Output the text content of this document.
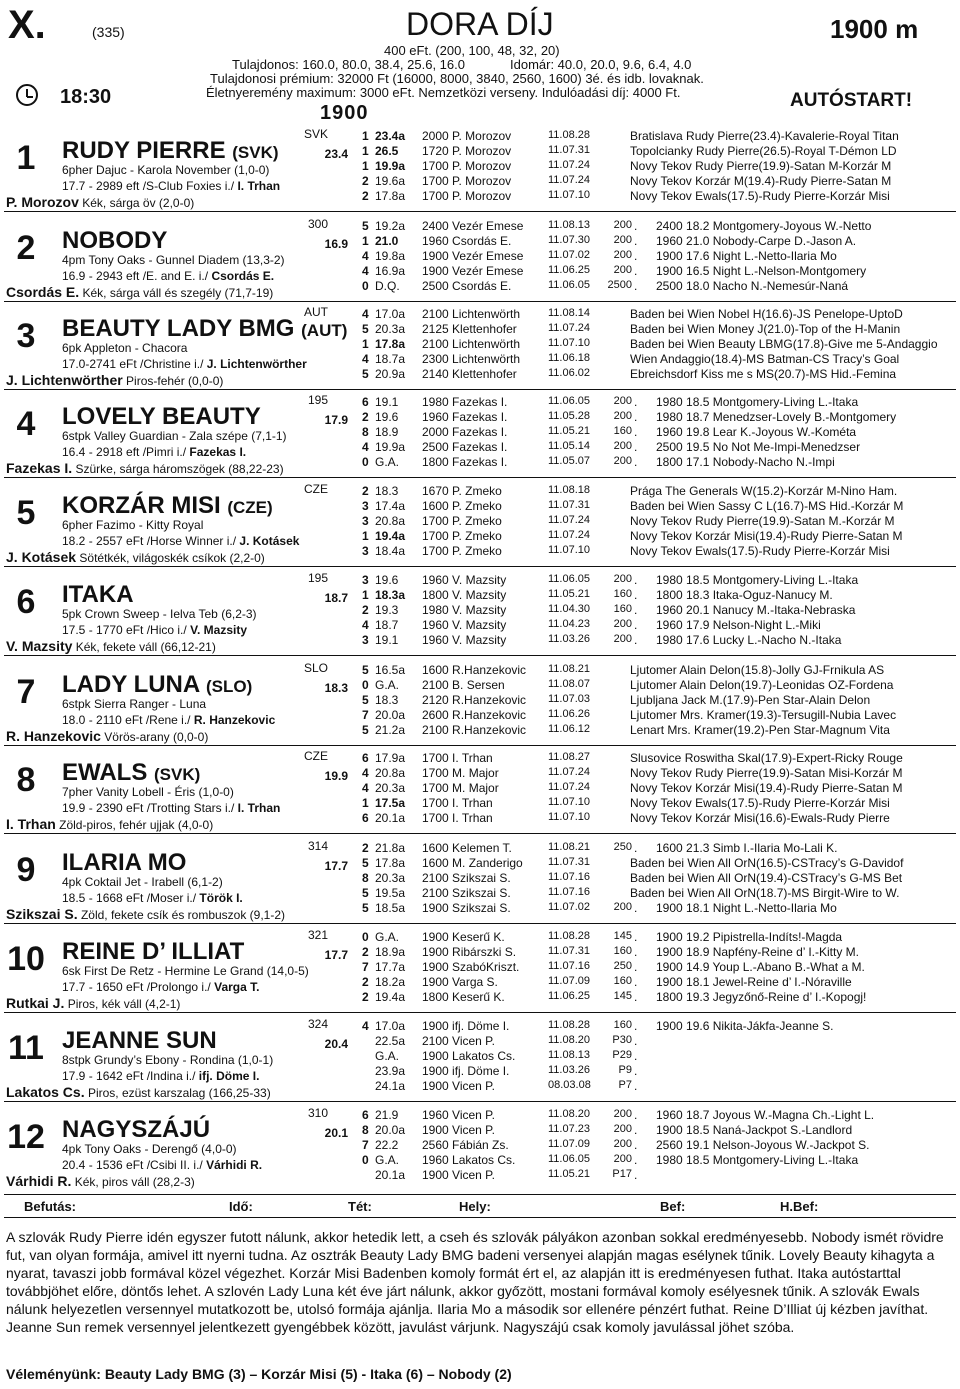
X.	(335)	DORA DÍJ	1900 m
400 eFt. (200, 100, 48, 32, 20)
Tulajdonos: 160.0, 80.0, 38.4, 25.6, 16.0	Idomár: 40.0, 20.0, 9.6, 6.4, 4.0
Tulajdonosi prémium: 32000 Ft (16000, 8000, 3840, 2560, 1600) 3é. és idb. lovaknak.
Életnyeremény maximum: 3000 eFt. Nemzetközi verseny. Indulóadási díj: 4000 Ft.
18:30	AUTÓSTART!
1900
1	RUDY PIERRE (SVK)
SVK
23.4
6pher Dajuc - Karola November (1,0-0)
17.7 - 2989 eft /S-Club Foxies i./ I. Trhan
P. Morozov Kék, sárga öv (2,0-0)
1 23.4a 2000 P. Morozov	11.08.28	Bratislava Rudy Pierre(23.4)-Kavalerie-Royal Titan
1 26.5 1720 P. Morozov	11.07.31	Topolcianky Rudy Pierre(26.5)-Royal T-Démon LD
1 19.9a 1700 P. Morozov	11.07.24	Novy Tekov Rudy Pierre(19.9)-Satan M-Korzár M
2 19.6a 1700 P. Morozov	11.07.24	Novy Tekov Korzár M(19.4)-Rudy Pierre-Satan M
2 17.8a 1700 P. Morozov	11.07.10	Novy Tekov Ewals(17.5)-Rudy Pierre-Korzár Misi
2	NOBODY
300
16.9
4pm Tony Oaks - Gunnel Diadem (13,3-2)
16.9 - 2943 eft /E. and E. i./ Csordás E.
Csordás E. Kék, sárga váll és szegély (71,7-19)
5 19.2a 2400 Vezér Emese 11.08.13	200 . 2400 18.2 Montgomery-Joyous W.-Netto
1 21.0 1960 Csordás E.	11.07.30	200 . 1960 21.0 Nobody-Carpe D.-Jason A.
4 19.8a 1900 Vezér Emese 11.07.02	200 . 1900 17.6 Night L.-Netto-Ilaria Mo
4 16.9a 1900 Vezér Emese 11.06.25	200 . 1900 16.5 Night L.-Nelson-Montgomery
0 D.Q. 2500 Csordás E.	11.06.05	2500 . 2500 18.0 Nacho N.-Nemesúr-Naná
3	BEAUTY LADY BMG (AUT)
AUT
6pk Appleton - Chacora
17.0-2741 eFt /Christine i./ J. Lichtenwörther
J. Lichtenwörther Piros-fehér (0,0-0)
4 17.0a 2100 Lichtenwörth	11.08.14	Baden bei Wien Nobel H(16.6)-JS Penelope-UptoD
5 20.3a 2125 Klettenhofer	11.07.24	Baden bei Wien Money J(21.0)-Top of the H-Manin
1 17.8a 2100 Lichtenwörth	11.07.10	Baden bei Wien Beauty LBMG(17.8)-Give me 5-Andaggio
4 18.7a 2300 Lichtenwörth	11.06.18	Wien Andaggio(18.4)-MS Batman-CS Tracy’s Goal
5 20.9a 2140 Klettenhofer	11.06.02	Ebreichsdorf Kiss me s MS(20.7)-MS Hid.-Femina
4	LOVELY BEAUTY
195
17.9
6stpk Valley Guardian - Zala szépe (7,1-1)
16.4 - 2918 eft /Pimri i./ Fazekas I.
Fazekas I. Szürke, sárga háromszögek (88,22-23)
6 19.1 1980 Fazekas I.	11.06.05	200 . 1980 18.5 Montgomery-Living L.-Itaka
2 19.6 1960 Fazekas I.	11.05.28	200 . 1980 18.7 Menedzser-Lovely B.-Montgomery
8 18.9 2000 Fazekas I.	11.05.21	160 . 1960 19.8 Lear K.-Joyous W.-Kométa
4 19.9a 2500 Fazekas I.	11.05.14	200 . 2500 19.5 No Not Me-Impi-Menedzser
0 G.A. 1800 Fazekas I.	11.05.07	200 . 1800 17.1 Nobody-Nacho N.-Impi
5	KORZÁR MISI (CZE)
CZE
6pher Fazimo - Kitty Royal
18.2 - 2557 eFt /Horse Winner i./ J. Kotásek
J. Kotásek Sötétkék, világoskék csíkok (2,2-0)
2 18.3 1670 P. Zmeko	11.08.18	Prága The Generals W(15.2)-Korzár M-Nino Ham.
3 17.4a 1600 P. Zmeko	11.07.31	Baden bei Wien Sassy C L(16.7)-MS Hid.-Korzár M
3 20.8a 1700 P. Zmeko	11.07.24	Novy Tekov Rudy Pierre(19.9)-Satan M.-Korzár M
1 19.4a 1700 P. Zmeko	11.07.24	Novy Tekov Korzár Misi(19.4)-Rudy Pierre-Satan M
3 18.4a 1700 P. Zmeko	11.07.10	Novy Tekov Ewals(17.5)-Rudy Pierre-Korzár Misi
6	ITAKA
195
18.7
5pk Crown Sweep - Ielva Teb (6,2-3)
17.5 - 1770 eFt /Hico i./ V. Mazsity
V. Mazsity Kék, fekete váll (66,12-21)
3 19.6 1960 V. Mazsity	11.06.05	200 . 1980 18.5 Montgomery-Living L.-Itaka
1 18.3a 1800 V. Mazsity	11.05.21	160 . 1800 18.3 Itaka-Oguz-Nanucy M.
2 19.3 1980 V. Mazsity	11.04.30	160 . 1960 20.1 Nanucy M.-Itaka-Nebraska
4 18.7 1960 V. Mazsity	11.04.23	200 . 1960 17.9 Nelson-Night L.-Miki
3 19.1 1960 V. Mazsity	11.03.26	200 . 1980 17.6 Lucky L.-Nacho N.-Itaka
7	LADY LUNA (SLO)
SLO
18.3
6stpk Sierra Ranger - Luna
18.0 - 2110 eFt /Rene i./ R. Hanzekovic
R. Hanzekovic Vörös-arany (0,0-0)
5 16.5a 1600 R.Hanzekovic 11.08.21	Ljutomer Alain Delon(15.8)-Jolly GJ-Frnikula AS
0 G.A. 2100 B. Sersen	11.08.07	Ljutomer Alain Delon(19.7)-Leonidas OZ-Fordena
5 18.3 2120 R.Hanzekovic 11.07.03	Ljubljana Jack M.(17.9)-Pen Star-Alain Delon
7 20.0a 2600 R.Hanzekovic 11.06.26	Ljutomer Mrs. Kramer(19.3)-Tersugill-Nubia Lavec
5 21.2a 2100 R.Hanzekovic 11.06.12	Lenart Mrs. Kramer(19.2)-Pen Star-Magnum Vita
8	EWALS (SVK)
CZE
19.9
7pher Vanity Lobell - Éris (1,0-0)
19.9 - 2390 eFt /Trotting Stars i./ I. Trhan
I. Trhan Zöld-piros, fehér ujjak (4,0-0)
6 17.9a 1700 I. Trhan	11.08.27	Slusovice Roswitha Skal(17.9)-Expert-Ricky Rouge
4 20.8a 1700 M. Major	11.07.24	Novy Tekov Rudy Pierre(19.9)-Satan Misi-Korzár M
4 20.3a 1700 M. Major	11.07.24	Novy Tekov Korzár Misi(19.4)-Rudy Pierre-Satan M
1 17.5a 1700 I. Trhan	11.07.10	Novy Tekov Ewals(17.5)-Rudy Pierre-Korzár Misi
6 20.1a 1700 I. Trhan	11.07.10	Novy Tekov Korzár Misi(16.6)-Ewals-Rudy Pierre
9	ILARIA MO
314
17.7
4pk Coktail Jet - Irabell (6,1-2)
18.5 - 1668 eFt /Moser i./ Török I.
Szikszai S. Zöld, fekete csík és rombuszok (9,1-2)
2 21.8a 1600 Kelemen T.	11.08.21	250 . 1600 21.3 Simb I.-Ilaria Mo-Lali K.
5 17.8a 1600 M. Zanderigo 11.07.31	Baden bei Wien All OrN(16.5)-CSTracy’s G-Davidof
8 20.3a 2100 Szikszai S.	11.07.16	Baden bei Wien All OrN(19.4)-CSTracy’s G-MS Bet
5 19.5a 2100 Szikszai S.	11.07.16	Baden bei Wien All OrN(18.7)-MS Birgit-Wire to W.
5 18.5a 1900 Szikszai S.	11.07.02	200 . 1900 18.1 Night L.-Netto-Ilaria Mo
10 REINE D’ ILLIAT
321
17.7
6sk First De Retz - Hermine Le Grand (14,0-5)
17.7 - 1650 eFt /Prolongo i./ Varga T.
Rutkai J. Piros, kék váll (4,2-1)
0 G.A. 1900 Keserű K.	11.08.28	145 . 1900 19.2 Pipistrella-Indíts!-Magda
2 18.9a 1900 Ribárszki S.	11.07.31	160 . 1900 18.9 Napfény-Reine d’ I.-Kitty M.
7 17.7a 1900 SzabóKriszt.	11.07.16	250 . 1900 14.9 Youp L.-Abano B.-What a M.
2 18.2a 1900 Varga S.	11.07.09	160 . 1900 18.1 Jewel-Reine d’ I.-Nóraville
2 19.4a 1800 Keserű K.	11.06.25	145 . 1800 19.3 Jegyzőnő-Reine d’ I.-Kopogj!
11 JEANNE SUN
324
20.4
8stpk Grundy’s Ebony - Rondina (1,0-1)
17.9 - 1642 eFt /Indina i./ ifj. Döme I.
Lakatos Cs. Piros, ezüst karszalag (166,25-33)
4 17.0a 1900 ifj. Döme I.	11.08.28	160 . 1900 19.6 Nikita-Jákfa-Jeanne S.
22.5a 2100 Vicen P.	11.08.20	P30 .
G.A. 1900 Lakatos Cs.	11.08.13	P29 .
23.9a 1900 ifj. Döme I.	11.03.26	P9 .
24.1a 1900 Vicen P.	08.03.08	P7 .
12 NAGYSZÁJÚ
310
20.1
4pk Tony Oaks - Derengő (4,0-0)
20.4 - 1536 eFt /Csibi II. i./ Várhidi R.
Várhidi R. Kék, piros váll (28,2-3)
6 21.9 1960 Vicen P.	11.08.20	200 . 1960 18.7 Joyous W.-Magna Ch.-Light L.
8 20.0a 1900 Vicen P.	11.07.23	200 . 1900 18.5 Naná-Jackpot S.-Landlord
7 22.2 2560 Fábián Zs.	11.07.09	200 . 2560 19.1 Nelson-Joyous W.-Jackpot S.
0 G.A. 1960 Lakatos Cs.	11.06.05	200 . 1980 18.5 Montgomery-Living L.-Itaka
20.1a 1900 Vicen P.	11.05.21	P17 .
Befutás:	Idő:	Tét:	Hely:	Bef:	H.Bef:
A szlovák Rudy Pierre idén egyszer futott nálunk, akkor hetedik lett, a cseh és szlovák pályákon azonban sokkal eredményesebb. Nobody ismét rövidre fut, van olyan formája, amivel itt nyerni tudna. Az osztrák Beauty Lady BMG badeni versenyei alapján magas esélynek tűnik. Lovely Beauty kihagyta a nyarat, tavaszi jobb formával közel végezhet. Korzár Misi Badenben komoly formát ért el, az alapján itt is eredményesen futhat. Itaka autóstarttal továbbjöhet előre, döntős lehet. A szlovén Lady Luna két éve járt nálunk, akkor győzött, mostani formával komoly esélyesnek tűnik. A szlovák Ewals nálunk helyezetlen versennyel mutatkozott be, utolsó formája ajánlja. Ilaria Mo a második sor ellenére pénzért futhat. Reine D’Illiat új kézben javíthat. Jeanne Sun remek versennyel jelentkezett gyengébbek között, javulást várjunk. Nagyszájú csak komoly javulással jöhet szóba.
Véleményünk: Beauty Lady BMG (3) – Korzár Misi (5) - Itaka (6) – Nobody (2)
